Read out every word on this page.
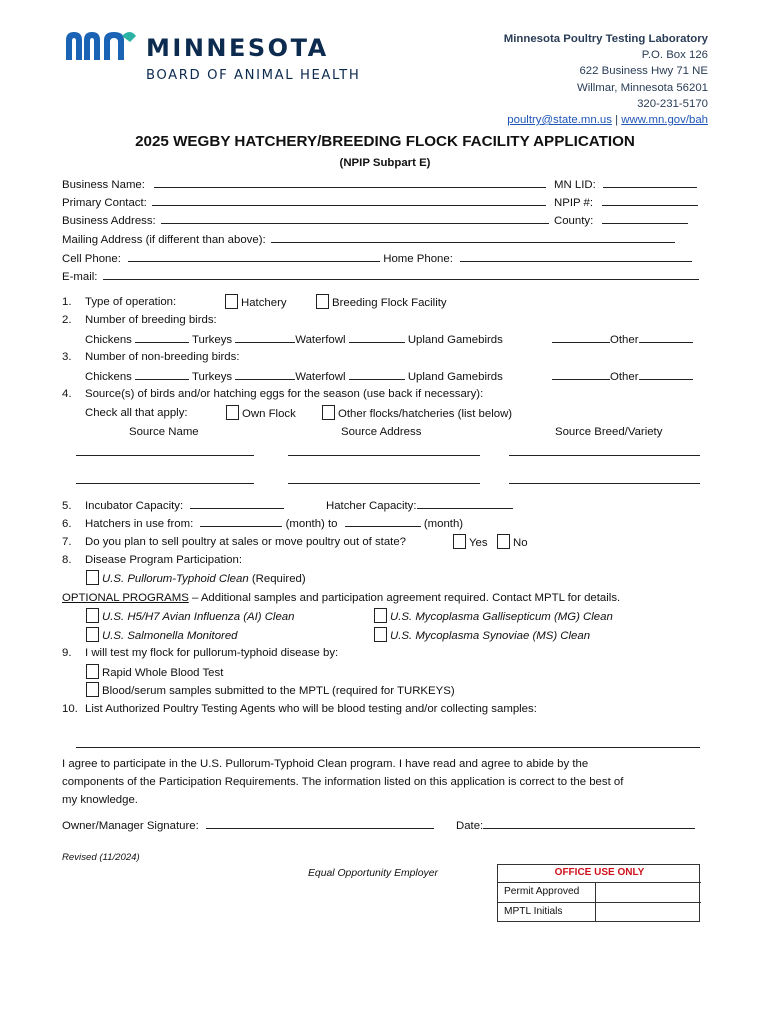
MINNESOTA
BOARD OF ANIMAL HEALTH
Minnesota Poultry Testing Laboratory
P.O. Box 126
622 Business Hwy 71 NE
Willmar, Minnesota 56201
320-231-5170
poultry@state.mn.us | www.mn.gov/bah
2025 WEGBY HATCHERY/BREEDING FLOCK FACILITY APPLICATION
(NPIP Subpart E)
Business Name:	MN LID:
Primary Contact:	NPIP #:
Business Address:	County:
Mailing Address (if different than above):
Cell Phone:	Home Phone:
E-mail:
1. Type of operation:	Hatchery	Breeding Flock Facility
2. Number of breeding birds:
Chickens	Turkeys	Waterfowl	Upland Gamebirds	Other
3. Number of non-breeding birds:
Chickens	Turkeys	Waterfowl	Upland Gamebirds	Other
4. Source(s) of birds and/or hatching eggs for the season (use back if necessary):
Check all that apply:	Own Flock	Other flocks/hatcheries (list below)
Source Name	Source Address	Source Breed/Variety
5. Incubator Capacity:	Hatcher Capacity:
6. Hatchers in use from:	(month) to	(month)
7. Do you plan to sell poultry at sales or move poultry out of state?	Yes	No
8. Disease Program Participation:
U.S. Pullorum-Typhoid Clean (Required)
OPTIONAL PROGRAMS – Additional samples and participation agreement required. Contact MPTL for details.
U.S. H5/H7 Avian Influenza (AI) Clean	U.S. Mycoplasma Gallisepticum (MG) Clean
U.S. Salmonella Monitored	U.S. Mycoplasma Synoviae (MS) Clean
9. I will test my flock for pullorum-typhoid disease by:
Rapid Whole Blood Test
Blood/serum samples submitted to the MPTL (required for TURKEYS)
10. List Authorized Poultry Testing Agents who will be blood testing and/or collecting samples:
I agree to participate in the U.S. Pullorum-Typhoid Clean program. I have read and agree to abide by the
components of the Participation Requirements. The information listed on this application is correct to the best of
my knowledge.
Owner/Manager Signature:	Date:
Revised (11/2024)
Equal Opportunity Employer	OFFICE USE ONLY
Permit Approved
MPTL Initials
